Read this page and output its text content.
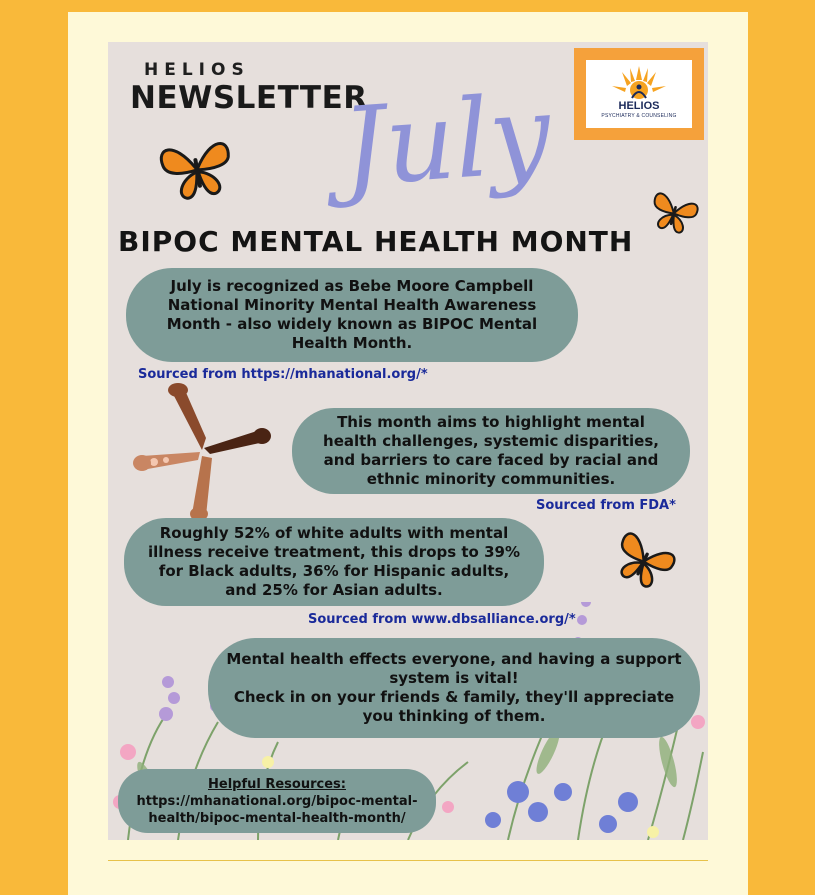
HELIOS
NEWSLETTER
July	HELIOS
PSYCHIATRY & COUNSELING
BIPOC MENTAL HEALTH MONTH
July is recognized as Bebe Moore Campbell National Minority Mental Health Awareness Month - also widely known as BIPOC Mental Health Month.
Sourced from https://mhanational.org/*
This month aims to highlight mental health challenges, systemic disparities, and barriers to care faced by racial and ethnic minority communities.
Sourced from FDA*
Roughly 52% of white adults with mental illness receive treatment, this drops to 39% for Black adults, 36% for Hispanic adults, and 25% for Asian adults.
Sourced from www.dbsalliance.org/*
Mental health effects everyone, and having a support system is vital!
Check in on your friends & family, they'll appreciate you thinking of them.
Helpful Resources:
https://mhanational.org/bipoc-mental-health/bipoc-mental-health-month/
